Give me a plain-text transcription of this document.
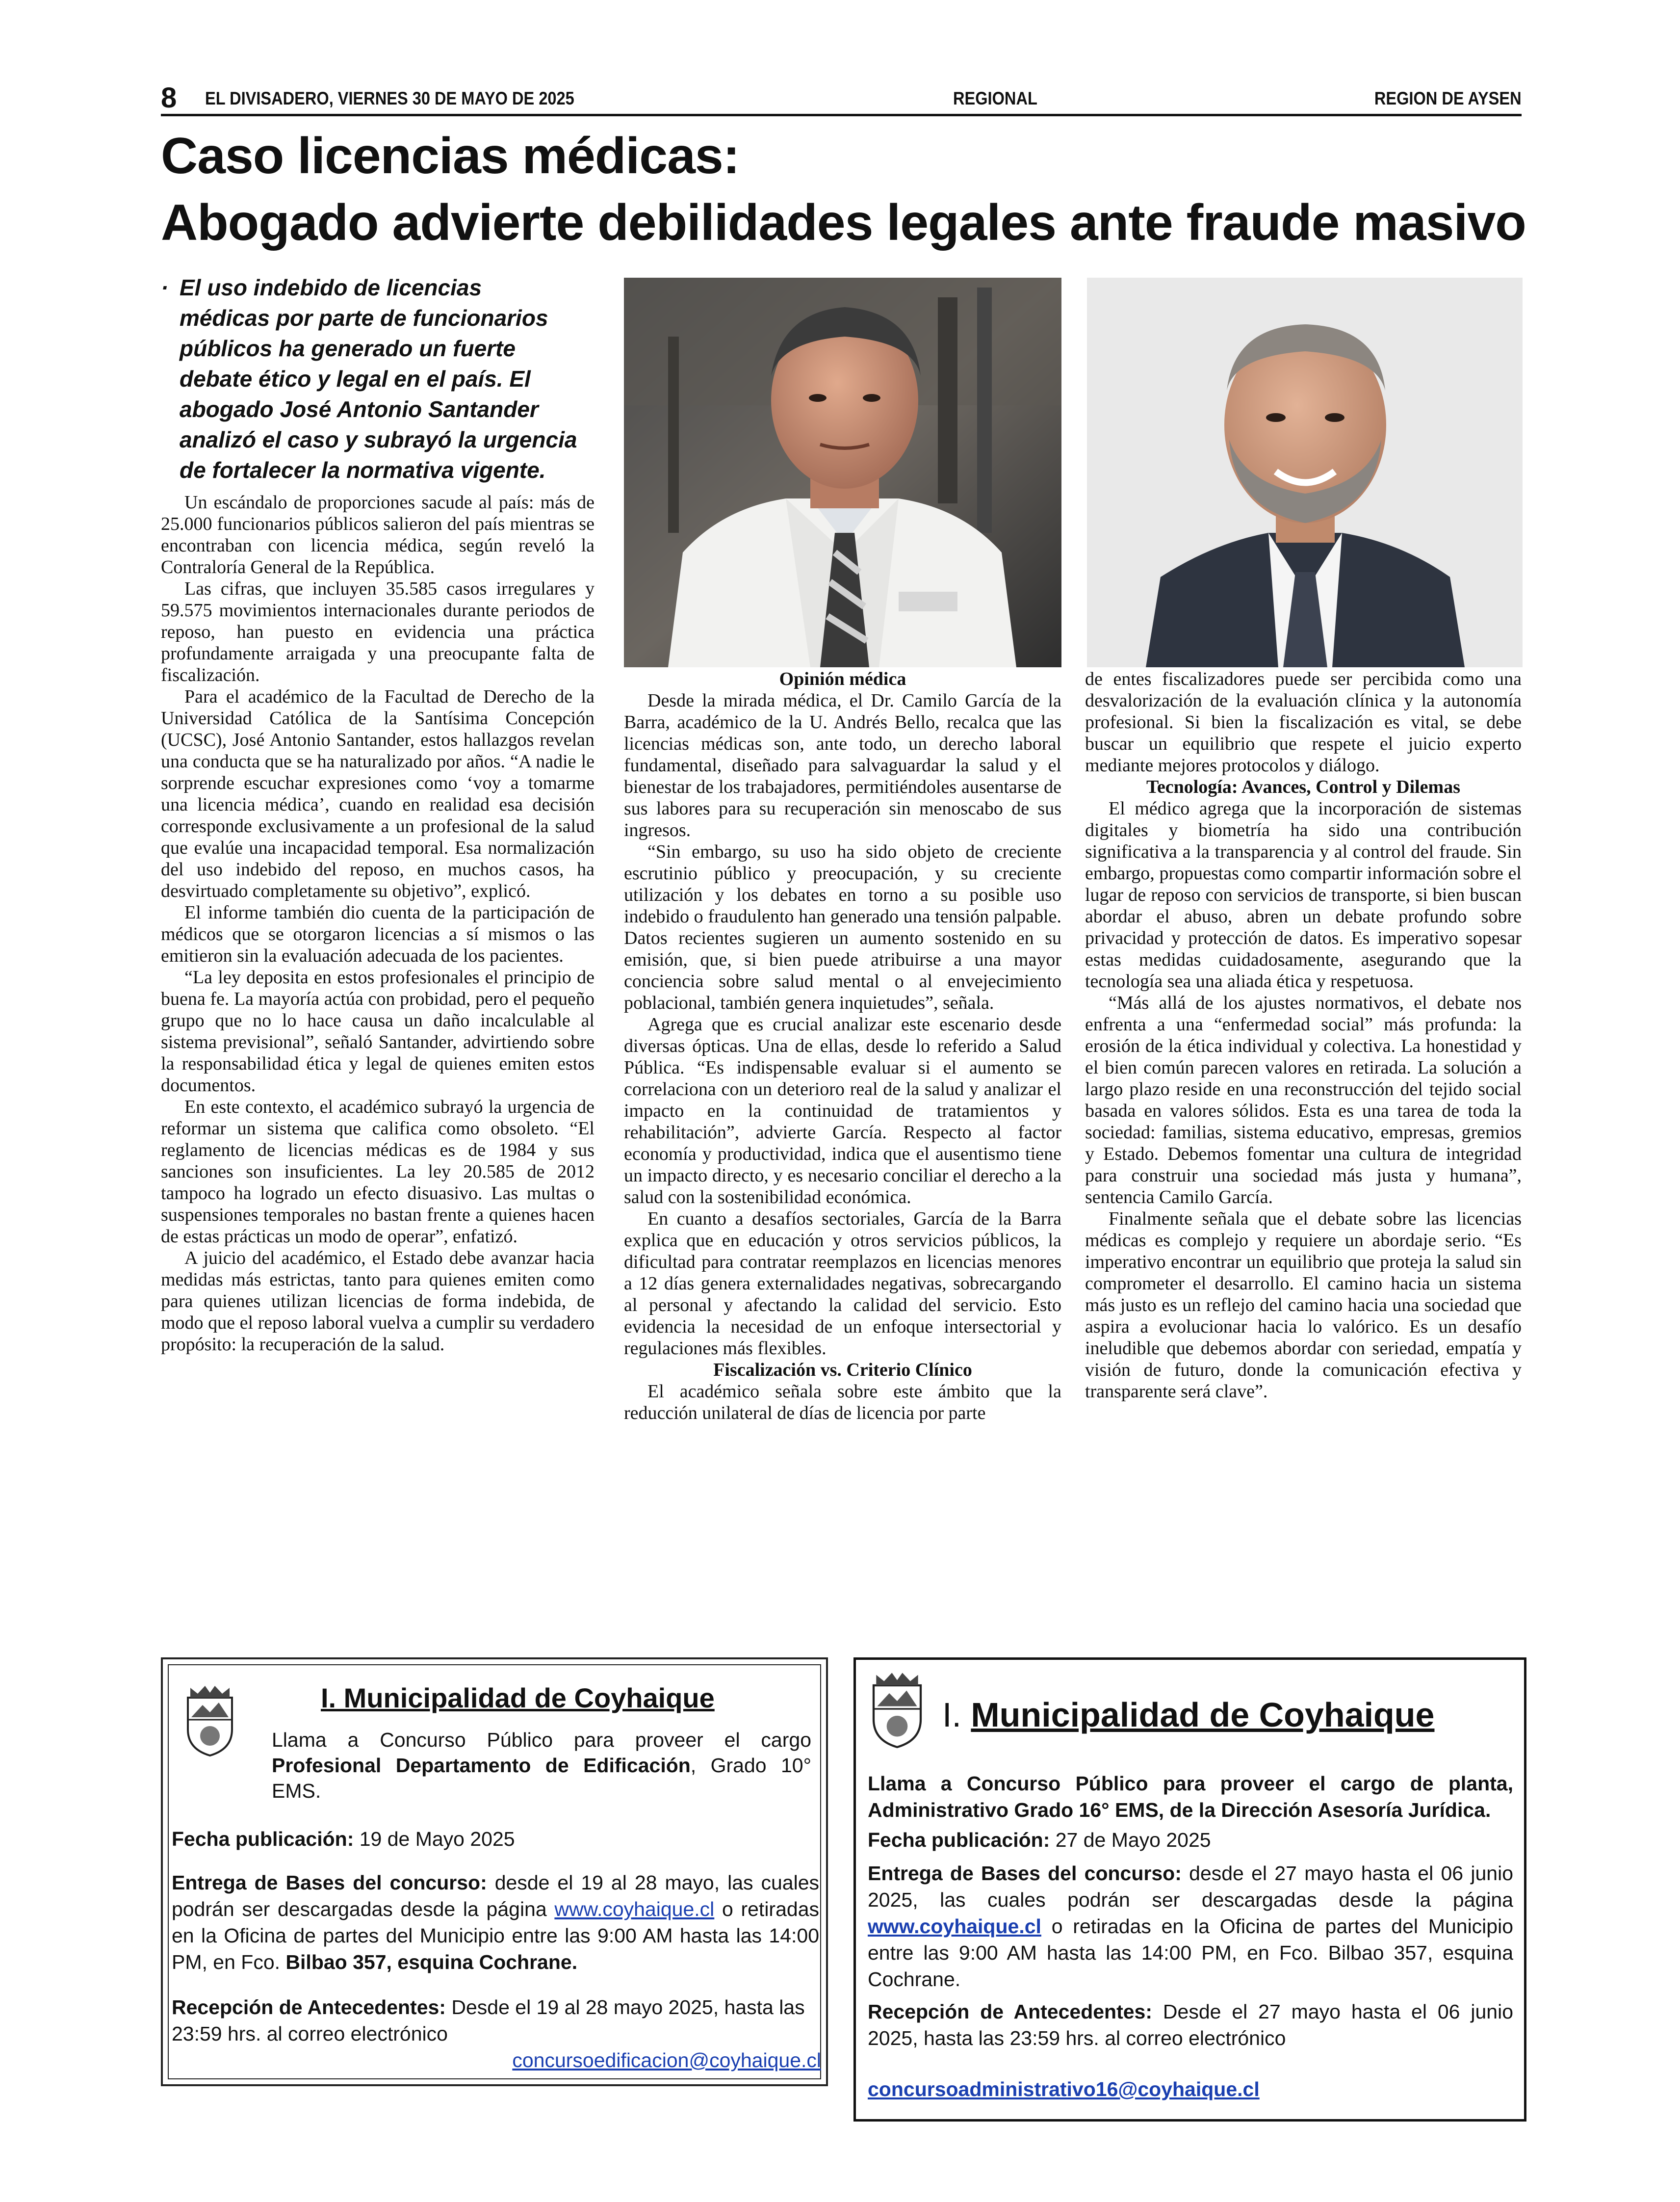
8 EL DIVISADERO, VIERNES 30 DE MAYO DE 2025	REGIONAL	REGION DE AYSEN
Caso licencias médicas:
Abogado advierte debilidades legales ante fraude masivo
· El uso indebido de licencias médicas por parte de funcionarios públicos ha generado un fuerte debate ético y legal en el país. El abogado José Antonio Santander analizó el caso y subrayó la urgencia de fortalecer la normativa vigente.

Un escándalo de proporciones sacude al país: más de 25.000 funcionarios públicos salieron del país mientras se encontraban con licencia médica, según reveló la Contraloría General de la República.

Las cifras, que incluyen 35.585 casos irregulares y 59.575 movimientos internacionales durante periodos de reposo, han puesto en evidencia una práctica profundamente arraigada y una preocupante falta de fiscalización.

Para el académico de la Facultad de Derecho de la Universidad Católica de la Santísima Concepción (UCSC), José Antonio Santander, estos hallazgos revelan una conducta que se ha naturalizado por años. “A nadie le sorprende escuchar expresiones como ‘voy a tomarme una licencia médica’, cuando en realidad esa decisión corresponde exclusivamente a un profesional de la salud que evalúe una incapacidad temporal. Esa normalización del uso indebido del reposo, en muchos casos, ha desvirtuado completamente su objetivo”, explicó.

El informe también dio cuenta de la participación de médicos que se otorgaron licencias a sí mismos o las emitieron sin la evaluación adecuada de los pacientes.

“La ley deposita en estos profesionales el principio de buena fe. La mayoría actúa con probidad, pero el pequeño grupo que no lo hace causa un daño incalculable al sistema previsional”, señaló Santander, advirtiendo sobre la responsabilidad ética y legal de quienes emiten estos documentos.

En este contexto, el académico subrayó la urgencia de reformar un sistema que califica como obsoleto. “El reglamento de licencias médicas es de 1984 y sus sanciones son insuficientes. La ley 20.585 de 2012 tampoco ha logrado un efecto disuasivo. Las multas o suspensiones temporales no bastan frente a quienes hacen de estas prácticas un modo de operar”, enfatizó.

A juicio del académico, el Estado debe avanzar hacia medidas más estrictas, tanto para quienes emiten como para quienes utilizan licencias de forma indebida, de modo que el reposo laboral vuelva a cumplir su verdadero propósito: la recuperación de la salud.

Opinión médica

Desde la mirada médica, el Dr. Camilo García de la Barra, académico de la U. Andrés Bello, recalca que las licencias médicas son, ante todo, un derecho laboral fundamental, diseñado para salvaguardar la salud y el bienestar de los trabajadores, permitiéndoles ausentarse de sus labores para su recuperación sin menoscabo de sus ingresos.

“Sin embargo, su uso ha sido objeto de creciente escrutinio público y preocupación, y su creciente utilización y los debates en torno a su posible uso indebido o fraudulento han generado una tensión palpable. Datos recientes sugieren un aumento sostenido en su emisión, que, si bien puede atribuirse a una mayor conciencia sobre salud mental o al envejecimiento poblacional, también genera inquietudes”, señala.

Agrega que es crucial analizar este escenario desde diversas ópticas. Una de ellas, desde lo referido a Salud Pública. “Es indispensable evaluar si el aumento se correlaciona con un deterioro real de la salud y analizar el impacto en la continuidad de tratamientos y rehabilitación”, advierte García. Respecto al factor economía y productividad, indica que el ausentismo tiene un impacto directo, y es necesario conciliar el derecho a la salud con la sostenibilidad económica.

En cuanto a desafíos sectoriales, García de la Barra explica que en educación y otros servicios públicos, la dificultad para contratar reemplazos en licencias menores a 12 días genera externalidades negativas, sobrecargando al personal y afectando la calidad del servicio. Esto evidencia la necesidad de un enfoque intersectorial y regulaciones más flexibles.

Fiscalización vs. Criterio Clínico

El académico señala sobre este ámbito que la reducción unilateral de días de licencia por parte

de entes fiscalizadores puede ser percibida como una desvalorización de la evaluación clínica y la autonomía profesional. Si bien la fiscalización es vital, se debe buscar un equilibrio que respete el juicio experto mediante mejores protocolos y diálogo.

Tecnología: Avances, Control y Dilemas

El médico agrega que la incorporación de sistemas digitales y biometría ha sido una contribución significativa a la transparencia y al control del fraude. Sin embargo, propuestas como compartir información sobre el lugar de reposo con servicios de transporte, si bien buscan abordar el abuso, abren un debate profundo sobre privacidad y protección de datos. Es imperativo sopesar estas medidas cuidadosamente, asegurando que la tecnología sea una aliada ética y respetuosa.

“Más allá de los ajustes normativos, el debate nos enfrenta a una “enfermedad social” más profunda: la erosión de la ética individual y colectiva. La honestidad y el bien común parecen valores en retirada. La solución a largo plazo reside en una reconstrucción del tejido social basada en valores sólidos. Esta es una tarea de toda la sociedad: familias, sistema educativo, empresas, gremios y Estado. Debemos fomentar una cultura de integridad para construir una sociedad más justa y humana”, sentencia Camilo García.

Finalmente señala que el debate sobre las licencias médicas es complejo y requiere un abordaje serio. “Es imperativo encontrar un equilibrio que proteja la salud sin comprometer el desarrollo. El camino hacia un sistema más justo es un reflejo del camino hacia una sociedad que aspira a evolucionar hacia lo valórico. Es un desafío ineludible que debemos abordar con seriedad, empatía y visión de futuro, donde la comunicación efectiva y transparente será clave”.

I. Municipalidad de Coyhaique
Llama a Concurso Público para proveer el cargo Profesional Departamento de Edificación, Grado 10° EMS.

Fecha publicación: 19 de Mayo 2025

Entrega de Bases del concurso: desde el 19 al 28 mayo, las cuales podrán ser descargadas desde la página www.coyhaique.cl o retiradas en la Oficina de partes del Municipio entre las 9:00 AM hasta las 14:00 PM, en Fco. Bilbao 357, esquina Cochrane.

Recepción de Antecedentes: Desde el 19 al 28 mayo 2025, hasta las 23:59 hrs. al correo electrónico

concursoedificacion@coyhaique.cl
I. Municipalidad de Coyhaique

Llama a Concurso Público para proveer el cargo de planta, Administrativo Grado 16° EMS, de la Dirección Asesoría Jurídica.

Fecha publicación: 27 de Mayo 2025

Entrega de Bases del concurso: desde el 27 mayo hasta el 06 junio 2025, las cuales podrán ser descargadas desde la página www.coyhaique.cl o retiradas en la Oficina de partes del Municipio entre las 9:00 AM hasta las 14:00 PM, en Fco. Bilbao 357, esquina Cochrane.

Recepción de Antecedentes: Desde el 27 mayo hasta el 06 junio 2025, hasta las 23:59 hrs. al correo electrónico

concursoadministrativo16@coyhaique.cl
